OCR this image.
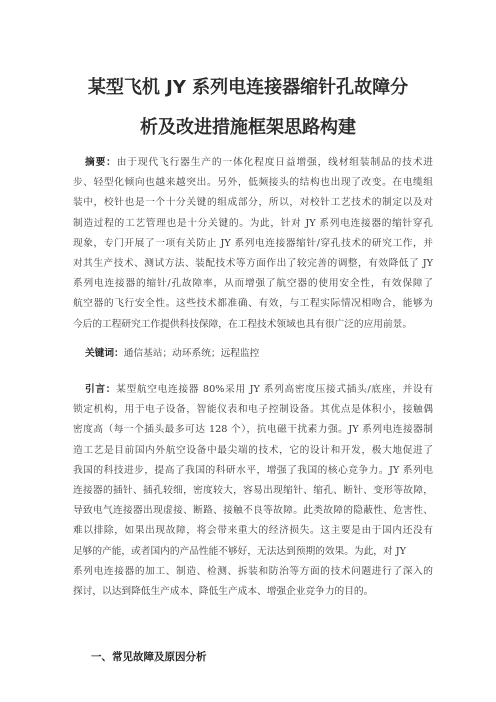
某型飞机 JY 系列电连接器缩针孔故障分
析及改进措施框架思路构建
摘要：由于现代飞行器生产的一体化程度日益增强，线材组装制品的技术进
步、轻型化倾向也越来越突出。另外，低频接头的结构也出现了改变。在电缆组
装中，校针也是一个十分关键的组成部分，所以，对校针工艺技术的制定以及对
制造过程的工艺管理也是十分关键的。为此，针对 JY 系列电连接器的缩针穿孔
现象，专门开展了一项有关防止 JY 系列电连接器缩针/穿孔技术的研究工作，并
对其生产技术、测试方法、装配技术等方面作出了较完善的调整，有效降低了 JY
系列电连接器的缩针/孔故障率，从而增强了航空器的使用安全性，有效保障了
航空器的飞行安全性。这些技术都准确、有效，与工程实际情况相吻合，能够为
今后的工程研究工作提供科技保障，在工程技术领域也具有很广泛的应用前景。
关键词：通信基站；动环系统；远程监控
引言：某型航空电连接器 80%采用 JY 系列高密度压接式插头/底座，并设有
锁定机构，用于电子设备，智能仪表和电子控制设备。其优点是体积小，接触偶
密度高（每一个插头最多可达 128 个），抗电磁干扰素力强。JY 系列电连接器制
造工艺是目前国内外航空设备中最尖端的技术，它的设计和开发，极大地促进了
我国的科技进步，提高了我国的科研水平，增强了我国的核心竞争力。JY 系列电
连接器的插针、插孔较细，密度较大，容易出现缩针、缩孔、断针、变形等故障，
导致电气连接器出现虚接、断路、接触不良等故障。此类故障的隐蔽性、危害性、
难以排除，如果出现故障，将会带来重大的经济损失。这主要是由于国内还没有
足够的产能，或者国内的产品性能不够好，无法达到预期的效果。为此，对 JY
系列电连接器的加工、制造、检测、拆装和防治等方面的技术问题进行了深入的
探讨，以达到降低生产成本、降低生产成本、增强企业竞争力的目的。
一、常见故障及原因分析
